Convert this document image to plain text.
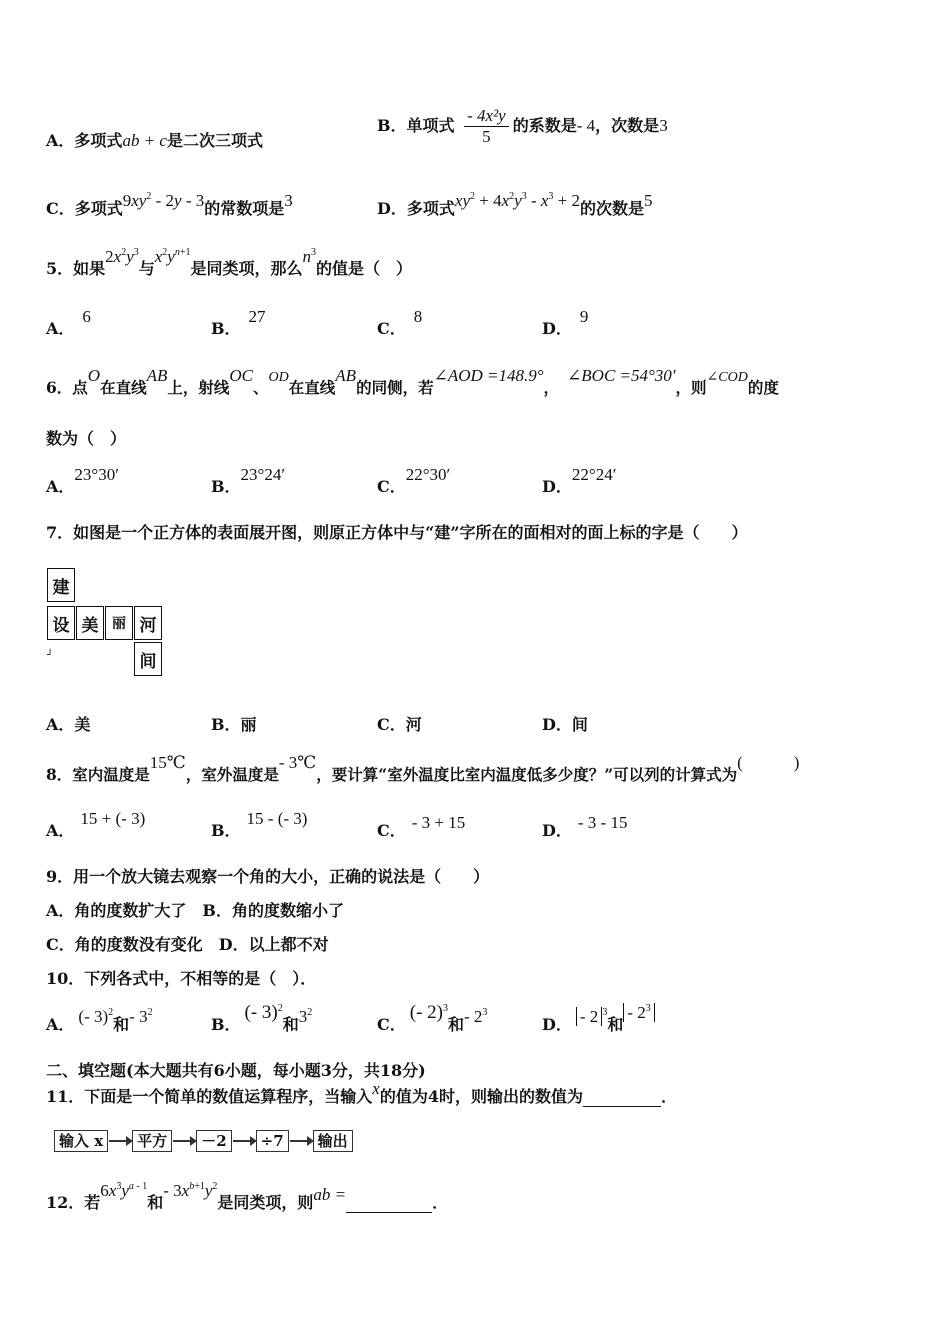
A．多项式ab + c是二次三项式
B．单项式 $\frac{\text{- 4x²y}}{5}$ 的系数是- 4，次数是3
C．多项式$9xy^2 - 2y - 3$的常数项是3	D．多项式$xy^2 + 4x^2y^3 - x^3 + 2$的次数是5
5．如果$2x^2y^3$与$x^2y^{n+1}$是同类项，那么$n^3$的值是（　）
A．6
B．27
C．8
D．9
6．点O在直线AB上，射线OC、OD在直线AB的同侧，若∠AOD =148.9°，∠BOC =54°30′，则∠COD的度
数为（　）
A．23°30′
B．23°24′
C．22°30′
D．22°24′
7．如图是一个正方体的表面展开图，则原正方体中与“建”字所在的面相对的面上标的字是（　　）
建
设 美 丽 河
间
┘
A．美	B．丽	C．河	D．间
8．室内温度是15℃，室外温度是- 3℃，要计算“室外温度比室内温度低多少度？”可以列的计算式为(　　　)
A．15 + (- 3)
B．15 - (- 3)
C． - 3 + 15	D． - 3 - 15
9．用一个放大镜去观察一个角的大小，正确的说法是（　　）
A．角的度数扩大了　B．角的度数缩小了
C．角的度数没有变化　D．以上都不对
10．下列各式中，不相等的是（　）．
A． (- 3)$^2$和- $3^2$
B．(- 3)$^2$和$3^2$
C．(- 2)$^3$和- $2^3$
D． - 2 $^3$和- $2^3$
二、填空题(本大题共有6小题，每小题3分，共18分)
11．下面是一个简单的数值运算程序，当输入x的值为4时，则输出的数值为	．
输入 x	平方	－2	÷7	输出
12．若$6x^3y^{a - 1}$和- $3x^{b+1}y^2$是同类项，则ab =	．
